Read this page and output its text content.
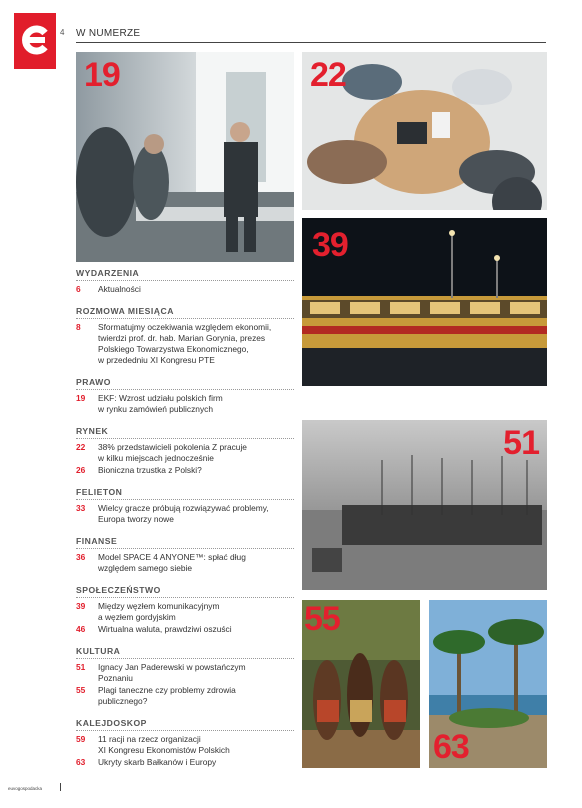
4 W NUMERZE
19	22
39
51
55
63
WYDARZENIA
6	Aktualności
ROZMOWA MIESIĄCA
8	Sformatujmy oczekiwania względem ekonomii,
twierdzi prof. dr. hab. Marian Gorynia, prezes
Polskiego Towarzystwa Ekonomicznego,
w przededniu XI Kongresu PTE
PRAWO
19	EKF: Wzrost udziału polskich firm
w rynku zamówień publicznych
RYNEK
22	38% przedstawicieli pokolenia Z pracuje
w kilku miejscach jednocześnie
26	Bioniczna trzustka z Polski?
FELIETON
33	Wielcy gracze próbują rozwiązywać problemy,
Europa tworzy nowe
FINANSE
36	Model SPACE 4 ANYONE™: spłać dług
względem samego siebie
SPOŁECZEŃSTWO
39	Między węzłem komunikacyjnym
a węzłem gordyjskim
46	Wirtualna waluta, prawdziwi oszuści
KULTURA
51	Ignacy Jan Paderewski w powstańczym
Poznaniu
55	Plagi taneczne czy problemy zdrowia
publicznego?
KALEJDOSKOP
59	11 racji na rzecz organizacji
XI Kongresu Ekonomistów Polskich
63	Ukryty skarb Bałkanów i Europy
euvogospodacka
